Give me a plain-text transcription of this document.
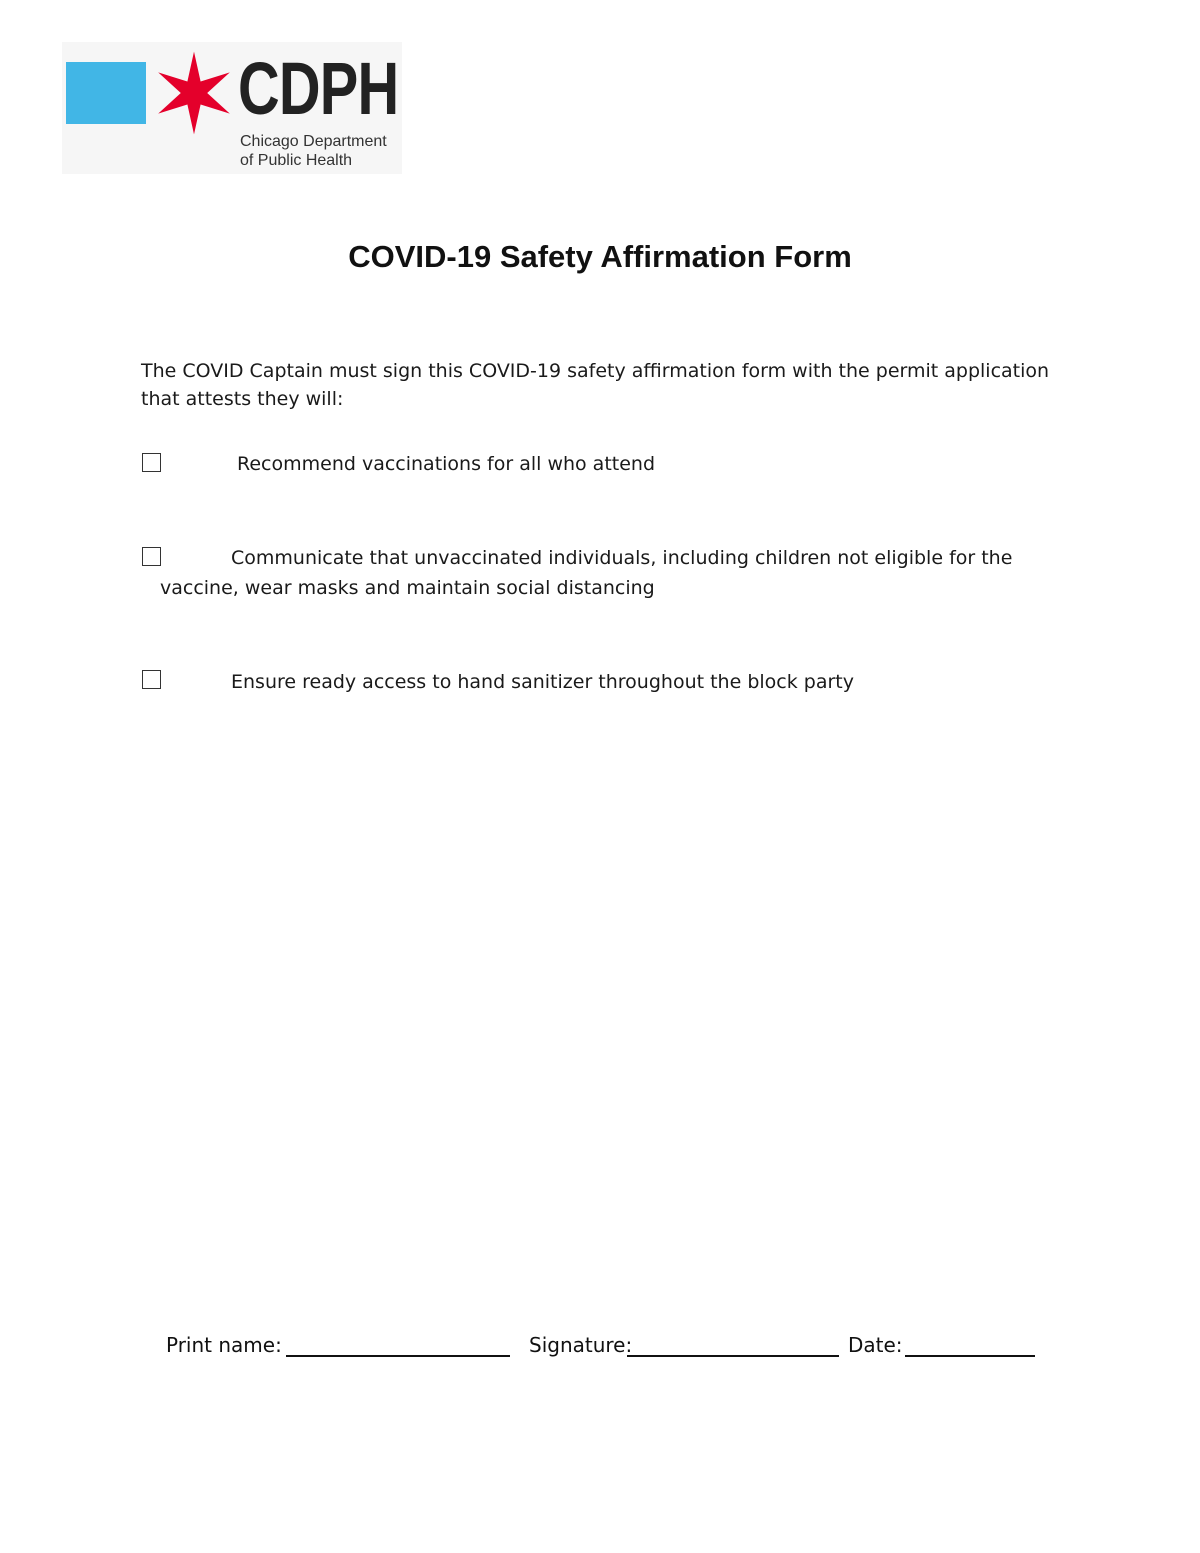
CDPH
Chicago Department
of Public Health
COVID-19 Safety Affirmation Form
The COVID Captain must sign this COVID-19 safety affirmation form with the permit application
that attests they will:
Recommend vaccinations for all who attend
Communicate that unvaccinated individuals, including children not eligible for the
vaccine, wear masks and maintain social distancing
Ensure ready access to hand sanitizer throughout the block party
Print name:	Signature:	Date:
